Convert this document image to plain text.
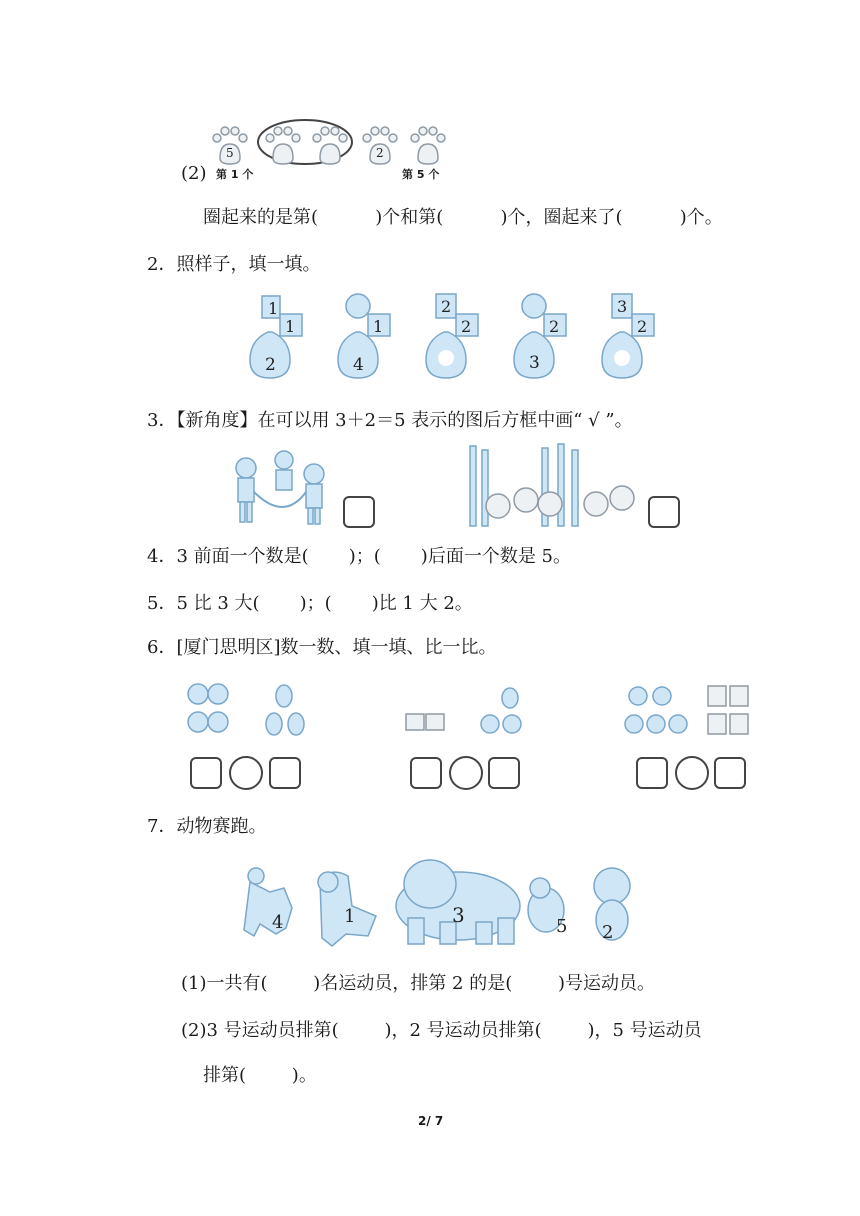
5	2
(2) 第 1 个	第 5 个
圈起来的是第(          )个和第(          )个，圈起来了(          )个。
2．照样子，填一填。
1
1
2
1
4
2
2	2
3
3
2
3．【新角度】在可以用 3＋2＝5 表示的图后方框中画“ √ ”。
4．3 前面一个数是(       )；(       )后面一个数是 5。
5．5 比 3 大(       )；(       )比 1 大 2。
6．[厦门思明区]数一数、填一填、比一比。
7．动物赛跑。
4	1	3	5 2
(1)一共有(        )名运动员，排第 2 的是(        )号运动员。
(2)3 号运动员排第(        )，2 号运动员排第(        )，5 号运动员
排第(        )。
2/ 7
